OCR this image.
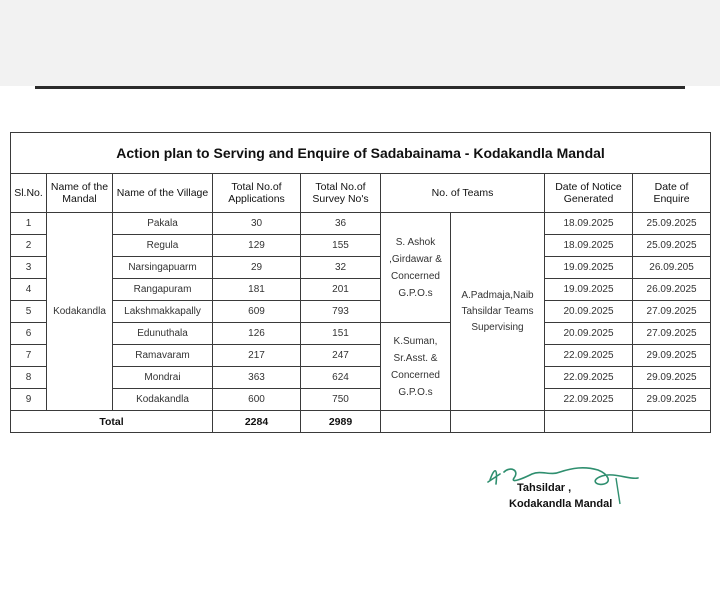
Action plan to Serving and Enquire of Sadabainama - Kodakandla Mandal								
Sl.No.	Name of the Mandal	Name of the Village	Total No.of Applications	Total No.of Survey No's	No. of Teams		Date of Notice Generated	Date of Enquire
1	Kodakandla	Pakala	30	36	S. Ashok ,Girdawar & Concerned G.P.O.s	A.Padmaja,Naib Tahsildar Teams Supervising	18.09.2025	25.09.2025
2		Regula	129	155			18.09.2025	25.09.2025
3		Narsingapuarm	29	32			19.09.2025	26.09.205
4		Rangapuram	181	201			19.09.2025	26.09.2025
5		Lakshmakkapally	609	793			20.09.2025	27.09.2025
6		Edunuthala	126	151	K.Suman, Sr.Asst. & Concerned G.P.O.s		20.09.2025	27.09.2025
7		Ramavaram	217	247			22.09.2025	29.09.2025
8		Mondrai	363	624			22.09.2025	29.09.2025
9		Kodakandla	600	750			22.09.2025	29.09.2025
Total			2284	2989				
Tahsildar ,
Kodakandla Mandal
